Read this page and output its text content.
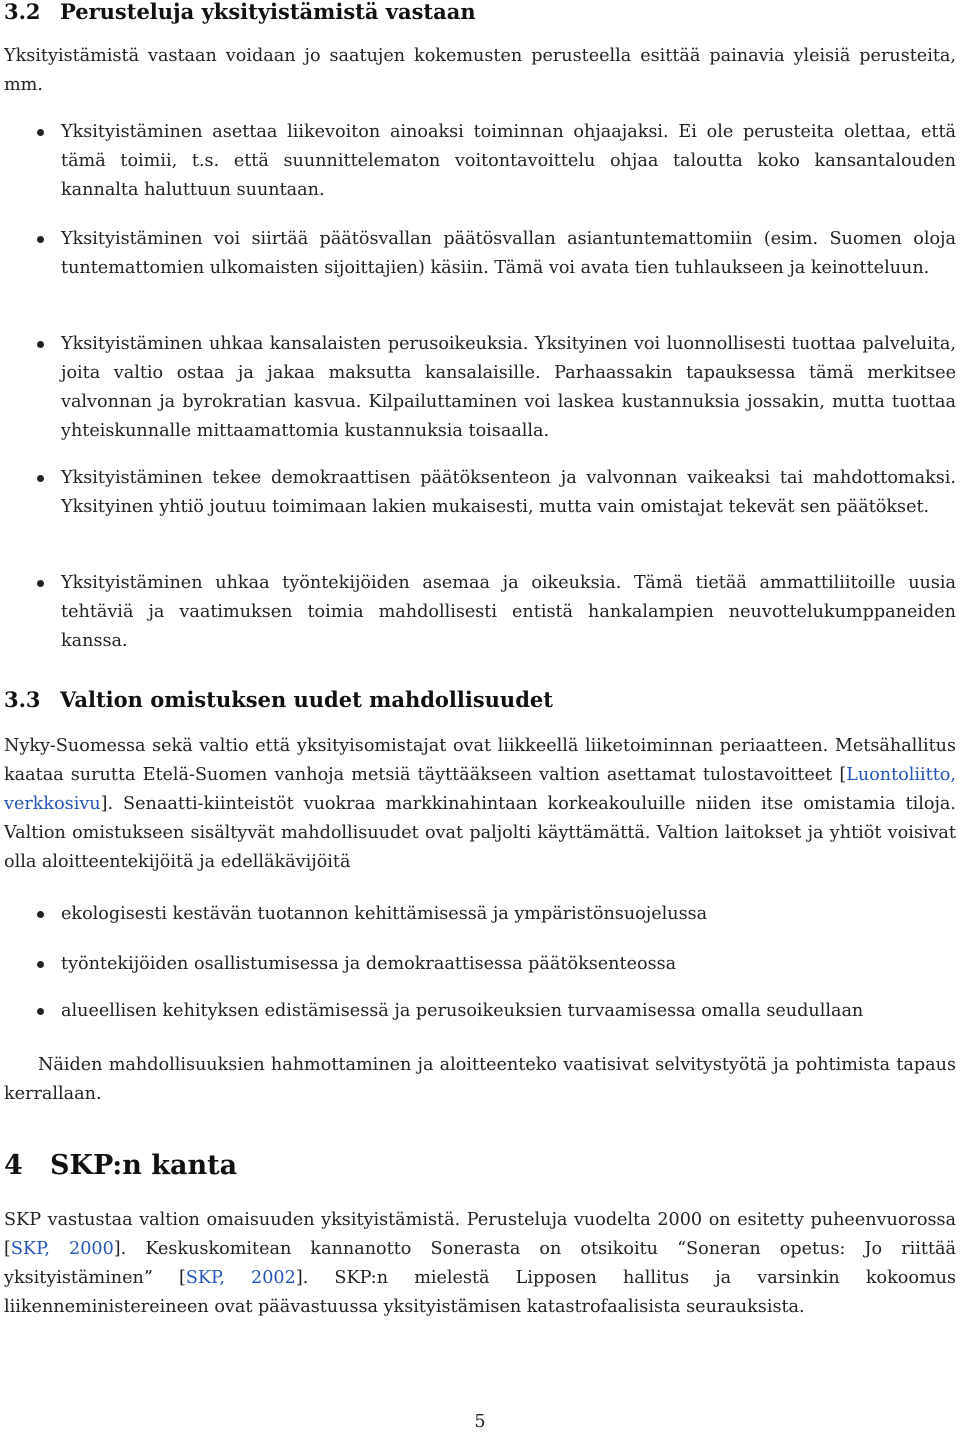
3.2 Perusteluja yksityistämistä vastaan

Yksityistämistä vastaan voidaan jo saatujen kokemusten perusteella esittää painavia yleisiä perusteita, mm.

Yksityistäminen asettaa liikevoiton ainoaksi toiminnan ohjaajaksi. Ei ole perusteita olettaa, että tämä toimii, t.s. että suunnittelematon voitontavoittelu ohjaa taloutta koko kansantalouden kannalta haluttuun suuntaan.
Yksityistäminen voi siirtää päätösvallan päätösvallan asiantuntemattomiin (esim. Suomen oloja tuntemattomien ulkomaisten sijoittajien) käsiin. Tämä voi avata tien tuhlaukseen ja keinotteluun.
Yksityistäminen uhkaa kansalaisten perusoikeuksia. Yksityinen voi luonnollisesti tuottaa palveluita, joita valtio ostaa ja jakaa maksutta kansalaisille. Parhaassakin tapauksessa tämä merkitsee valvonnan ja byrokratian kasvua. Kilpailuttaminen voi laskea kustannuksia jossakin, mutta tuottaa yhteiskunnalle mittaamattomia kustannuksia toisaalla.
Yksityistäminen tekee demokraattisen päätöksenteon ja valvonnan vaikeaksi tai mahdottomaksi. Yksityinen yhtiö joutuu toimimaan lakien mukaisesti, mutta vain omistajat tekevät sen päätökset.
Yksityistäminen uhkaa työntekijöiden asemaa ja oikeuksia. Tämä tietää ammattiliitoille uusia tehtäviä ja vaatimuksen toimia mahdollisesti entistä hankalampien neuvottelukumppaneiden kanssa.
3.3 Valtion omistuksen uudet mahdollisuudet

Nyky-Suomessa sekä valtio että yksityisomistajat ovat liikkeellä liiketoiminnan periaatteen. Metsähallitus kaataa surutta Etelä-Suomen vanhoja metsiä täyttääkseen valtion asettamat tulostavoitteet [Luontoliitto, verkkosivu]. Senaatti-kiinteistöt vuokraa markkinahintaan korkeakouluille niiden itse omistamia tiloja. Valtion omistukseen sisältyvät mahdollisuudet ovat paljolti käyttämättä. Valtion laitokset ja yhtiöt voisivat olla aloitteentekijöitä ja edelläkävijöitä

ekologisesti kestävän tuotannon kehittämisessä ja ympäristönsuojelussa
työntekijöiden osallistumisessa ja demokraattisessa päätöksenteossa
alueellisen kehityksen edistämisessä ja perusoikeuksien turvaamisessa omalla seudullaan

Näiden mahdollisuuksien hahmottaminen ja aloitteenteko vaatisivat selvitystyötä ja pohtimista tapaus kerrallaan.

4 SKP:n kanta

SKP vastustaa valtion omaisuuden yksityistämistä. Perusteluja vuodelta 2000 on esitetty puheenvuorossa [SKP, 2000]. Keskuskomitean kannanotto Sonerasta on otsikoitu “Soneran opetus: Jo riittää yksityistäminen” [SKP, 2002]. SKP:n mielestä Lipposen hallitus ja varsinkin kokoomus liikenneministereineen ovat päävastuussa yksityistämisen katastrofaalisista seurauksista.

5
